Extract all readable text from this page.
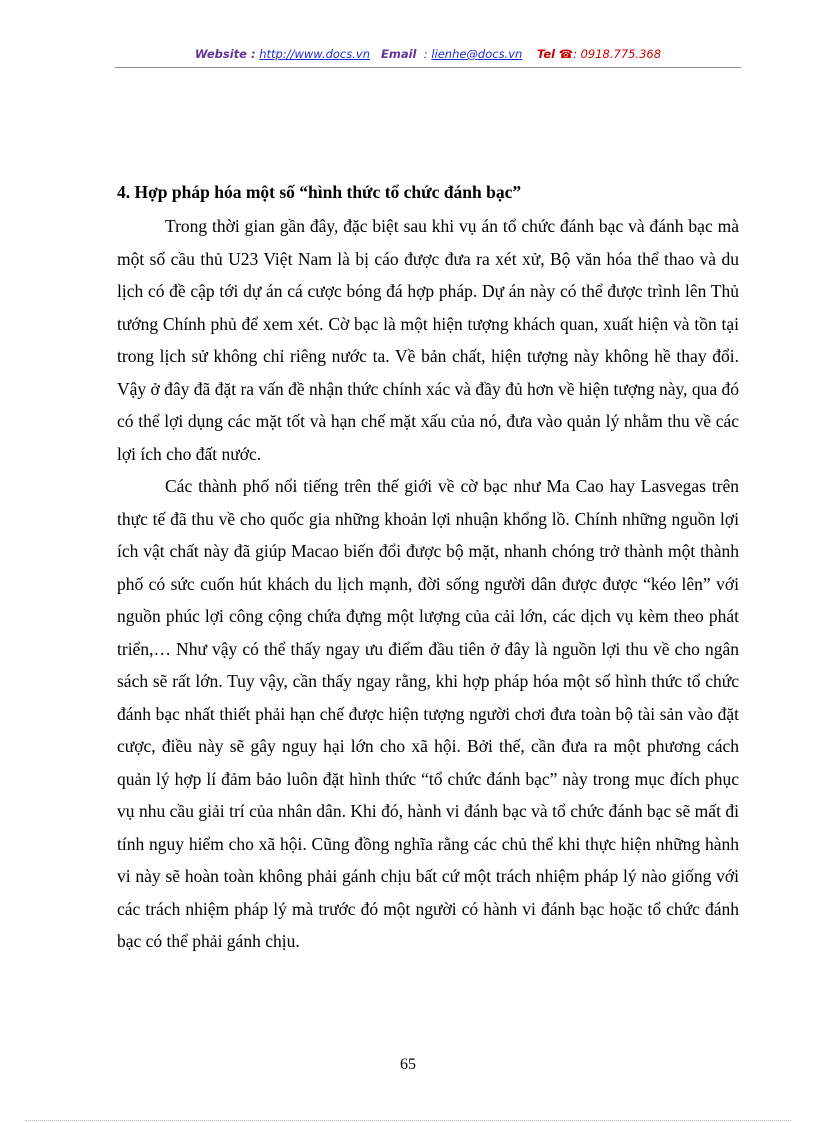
Website : http://www.docs.vn Email : lienhe@docs.vn Tel ☎: 0918.775.368
4. Hợp pháp hóa một số “hình thức tổ chức đánh bạc”

Trong thời gian gần đây, đặc biệt sau khi vụ án tổ chức đánh bạc và đánh bạc mà một số cầu thủ U23 Việt Nam là bị cáo được đưa ra xét xử, Bộ văn hóa thể thao và du lịch có đề cập tới dự án cá cược bóng đá hợp pháp. Dự án này có thể được trình lên Thủ tướng Chính phủ để xem xét. Cờ bạc là một hiện tượng khách quan, xuất hiện và tồn tại trong lịch sử không chỉ riêng nước ta. Về bản chất, hiện tượng này không hề thay đổi. Vậy ở đây đã đặt ra vấn đề nhận thức chính xác và đầy đủ hơn về hiện tượng này, qua đó có thể lợi dụng các mặt tốt và hạn chế mặt xấu của nó, đưa vào quản lý nhằm thu về các lợi ích cho đất nước.

Các thành phố nổi tiếng trên thế giới về cờ bạc như Ma Cao hay Lasvegas trên thực tế đã thu về cho quốc gia những khoản lợi nhuận khổng lồ. Chính những nguồn lợi ích vật chất này đã giúp Macao biến đổi được bộ mặt, nhanh chóng trở thành một thành phố có sức cuốn hút khách du lịch mạnh, đời sống người dân được được “kéo lên” với nguồn phúc lợi công cộng chứa đựng một lượng của cải lớn, các dịch vụ kèm theo phát triển,… Như vậy có thể thấy ngay ưu điểm đầu tiên ở đây là nguồn lợi thu về cho ngân sách sẽ rất lớn. Tuy vậy, cần thấy ngay rằng, khi hợp pháp hóa một số hình thức tổ chức đánh bạc nhất thiết phải hạn chế được hiện tượng người chơi đưa toàn bộ tài sản vào đặt cược, điều này sẽ gây nguy hại lớn cho xã hội. Bởi thế, cần đưa ra một phương cách quản lý hợp lí đảm bảo luôn đặt hình thức “tổ chức đánh bạc” này trong mục đích phục vụ nhu cầu giải trí của nhân dân. Khi đó, hành vi đánh bạc và tổ chức đánh bạc sẽ mất đi tính nguy hiểm cho xã hội. Cũng đồng nghĩa rằng các chủ thể khi thực hiện những hành vi này sẽ hoàn toàn không phải gánh chịu bất cứ một trách nhiệm pháp lý nào giống với các trách nhiệm pháp lý mà trước đó một người có hành vi đánh bạc hoặc tổ chức đánh bạc có thể phải gánh chịu.

65
